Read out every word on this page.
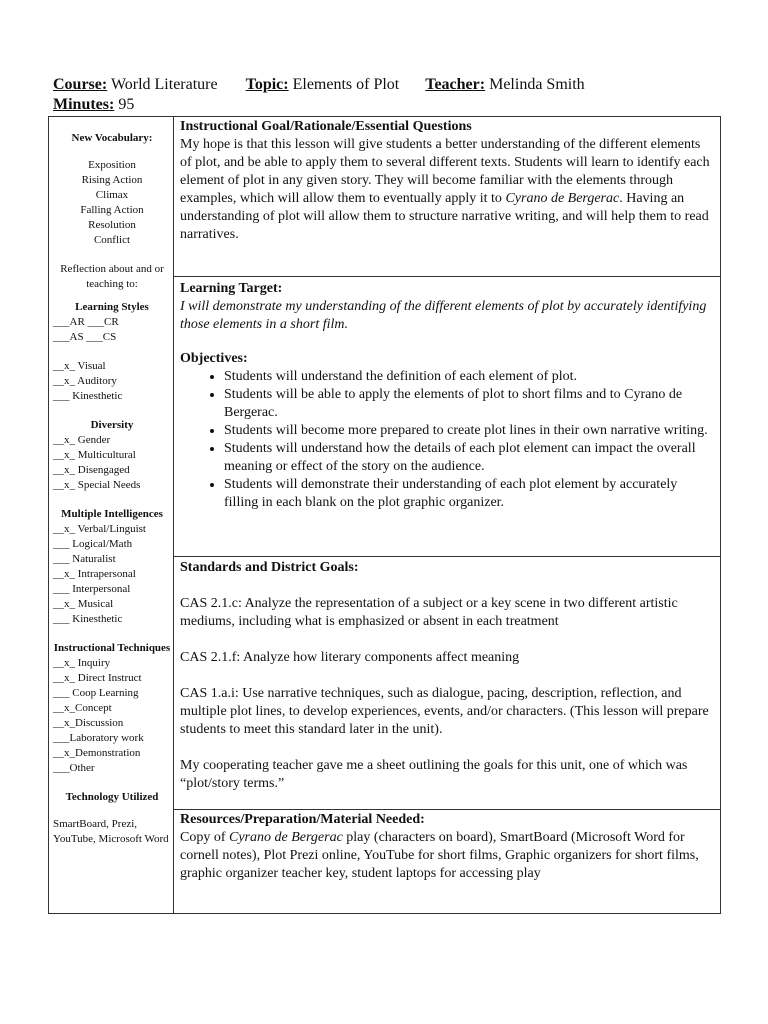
Course: World Literature Topic: Elements of Plot Teacher: Melinda Smith
Minutes: 95
New Vocabulary:
Exposition
Rising Action
Climax
Falling Action
Resolution
Conflict
Reflection about and or teaching to:
Learning Styles
___AR ___CR
___AS ___CS
__x_ Visual
__x_ Auditory
___ Kinesthetic
Diversity
__x_ Gender
__x_ Multicultural
__x_ Disengaged
__x_ Special Needs
Multiple Intelligences
__x_ Verbal/Linguist
___ Logical/Math
___ Naturalist
__x_ Intrapersonal
___ Interpersonal
__x_ Musical
___ Kinesthetic
Instructional Techniques
__x_ Inquiry
__x_ Direct Instruct
___ Coop Learning
__x_Concept
__x_Discussion
___Laboratory work
__x_Demonstration
___Other
Technology Utilized
SmartBoard, Prezi, YouTube, Microsoft Word

Instructional Goal/Rationale/Essential Questions

My hope is that this lesson will give students a better understanding of the different elements of plot, and be able to apply them to several different texts. Students will learn to identify each element of plot in any given story. They will become familiar with the elements through examples, which will allow them to eventually apply it to Cyrano de Bergerac. Having an understanding of plot will allow them to structure narrative writing, and will help them to read narratives.

Learning Target:

I will demonstrate my understanding of the different elements of plot by accurately identifying those elements in a short film.

Objectives:
• Students will understand the definition of each element of plot.
• Students will be able to apply the elements of plot to short films and to Cyrano de Bergerac.
• Students will become more prepared to create plot lines in their own narrative writing.
• Students will understand how the details of each plot element can impact the overall meaning or effect of the story on the audience.
• Students will demonstrate their understanding of each plot element by accurately filling in each blank on the plot graphic organizer.

Standards and District Goals:

CAS 2.1.c: Analyze the representation of a subject or a key scene in two different artistic mediums, including what is emphasized or absent in each treatment

CAS 2.1.f: Analyze how literary components affect meaning

CAS 1.a.i: Use narrative techniques, such as dialogue, pacing, description, reflection, and multiple plot lines, to develop experiences, events, and/or characters. (This lesson will prepare students to meet this standard later in the unit).

My cooperating teacher gave me a sheet outlining the goals for this unit, one of which was “plot/story terms.”

Resources/Preparation/Material Needed:

Copy of Cyrano de Bergerac play (characters on board), SmartBoard (Microsoft Word for cornell notes), Plot Prezi online, YouTube for short films, Graphic organizers for short films, graphic organizer teacher key, student laptops for accessing play
